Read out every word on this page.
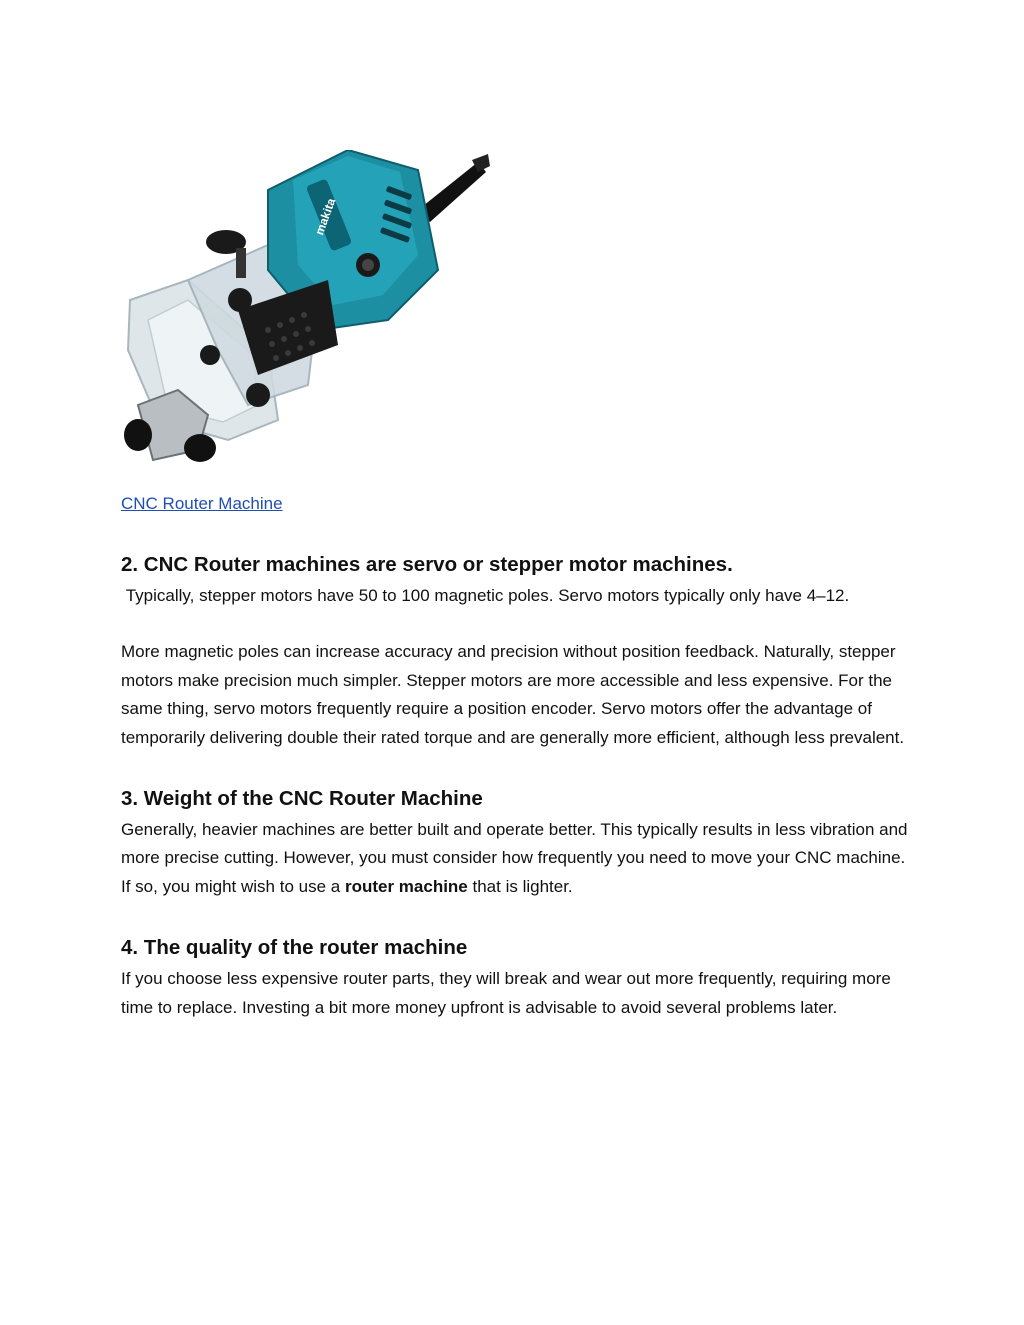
makita
CNC Router Machine
2. CNC Router machines are servo or stepper motor machines.

Typically, stepper motors have 50 to 100 magnetic poles. Servo motors typically only have 4–12.

More magnetic poles can increase accuracy and precision without position feedback. Naturally, stepper motors make precision much simpler. Stepper motors are more accessible and less expensive. For the same thing, servo motors frequently require a position encoder. Servo motors offer the advantage of temporarily delivering double their rated torque and are generally more efficient, although less prevalent.

3. Weight of the CNC Router Machine

Generally, heavier machines are better built and operate better. This typically results in less vibration and more precise cutting. However, you must consider how frequently you need to move your CNC machine. If so, you might wish to use a router machine that is lighter.

4. The quality of the router machine

If you choose less expensive router parts, they will break and wear out more frequently, requiring more time to replace. Investing a bit more money upfront is advisable to avoid several problems later.
